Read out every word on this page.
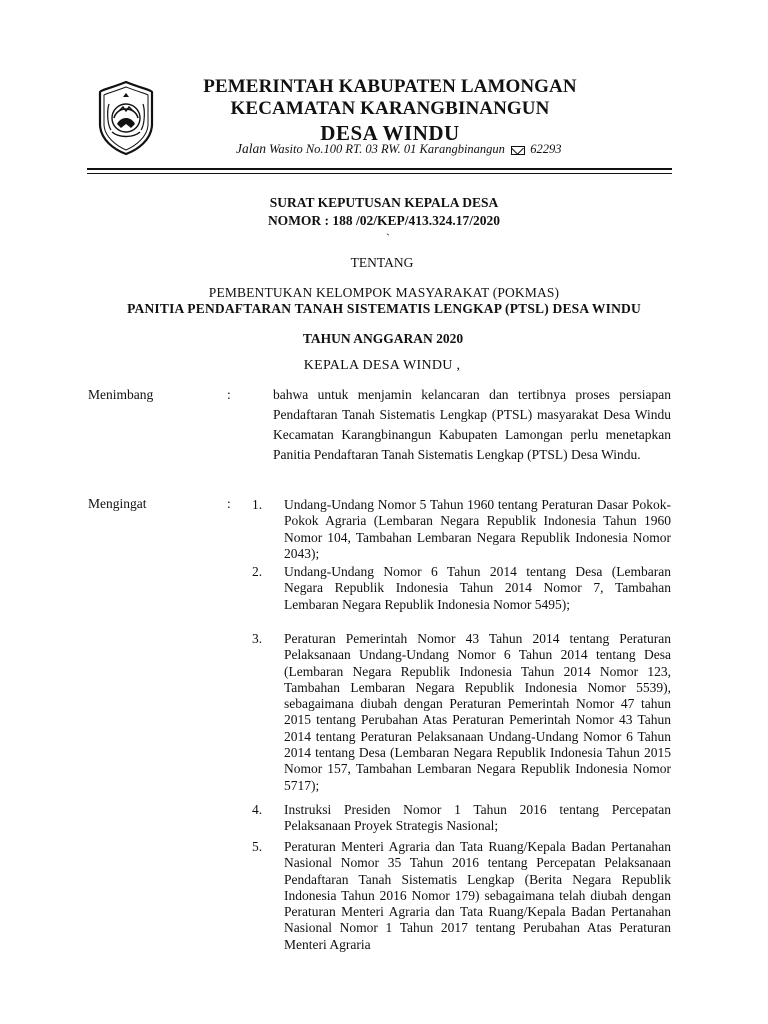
PEMERINTAH KABUPATEN LAMONGAN
KECAMATAN KARANGBINANGUN
DESA WINDU
Jalan Wasito No.100 RT. 03 RW. 01 Karangbinangun 62293
SURAT KEPUTUSAN KEPALA DESA
NOMOR : 188 /02/KEP/413.324.17/2020
`
TENTANG
PEMBENTUKAN KELOMPOK MASYARAKAT (POKMAS)
PANITIA PENDAFTARAN TANAH SISTEMATIS LENGKAP (PTSL) DESA WINDU
TAHUN ANGGARAN 2020
KEPALA DESA WINDU ,
Menimbang	:	bahwa untuk menjamin kelancaran dan tertibnya proses persiapan Pendaftaran Tanah Sistematis Lengkap (PTSL) masyarakat Desa Windu Kecamatan Karangbinangun Kabupaten Lamongan perlu menetapkan Panitia Pendaftaran Tanah Sistematis Lengkap (PTSL) Desa Windu.
Mengingat	: 1. Undang-Undang Nomor 5 Tahun 1960 tentang Peraturan Dasar Pokok-Pokok Agraria (Lembaran Negara Republik Indonesia Tahun 1960 Nomor 104, Tambahan Lembaran Negara Republik Indonesia Nomor 2043);
2. Undang-Undang Nomor 6 Tahun 2014 tentang Desa (Lembaran Negara Republik Indonesia Tahun 2014 Nomor 7, Tambahan Lembaran Negara Republik Indonesia Nomor 5495);
3. Peraturan Pemerintah Nomor 43 Tahun 2014 tentang Peraturan Pelaksanaan Undang-Undang Nomor 6 Tahun 2014 tentang Desa (Lembaran Negara Republik Indonesia Tahun 2014 Nomor 123, Tambahan Lembaran Negara Republik Indonesia Nomor 5539), sebagaimana diubah dengan Peraturan Pemerintah Nomor 47 tahun 2015 tentang Perubahan Atas Peraturan Pemerintah Nomor 43 Tahun 2014 tentang Peraturan Pelaksanaan Undang-Undang Nomor 6 Tahun 2014 tentang Desa (Lembaran Negara Republik Indonesia Tahun 2015 Nomor 157, Tambahan Lembaran Negara Republik Indonesia Nomor 5717);
4. Instruksi Presiden Nomor 1 Tahun 2016 tentang Percepatan Pelaksanaan Proyek Strategis Nasional;
5. Peraturan Menteri Agraria dan Tata Ruang/Kepala Badan Pertanahan Nasional Nomor 35 Tahun 2016 tentang Percepatan Pelaksanaan Pendaftaran Tanah Sistematis Lengkap (Berita Negara Republik Indonesia Tahun 2016 Nomor 179) sebagaimana telah diubah dengan Peraturan Menteri Agraria dan Tata Ruang/Kepala Badan Pertanahan Nasional Nomor 1 Tahun 2017 tentang Perubahan Atas Peraturan Menteri Agraria
